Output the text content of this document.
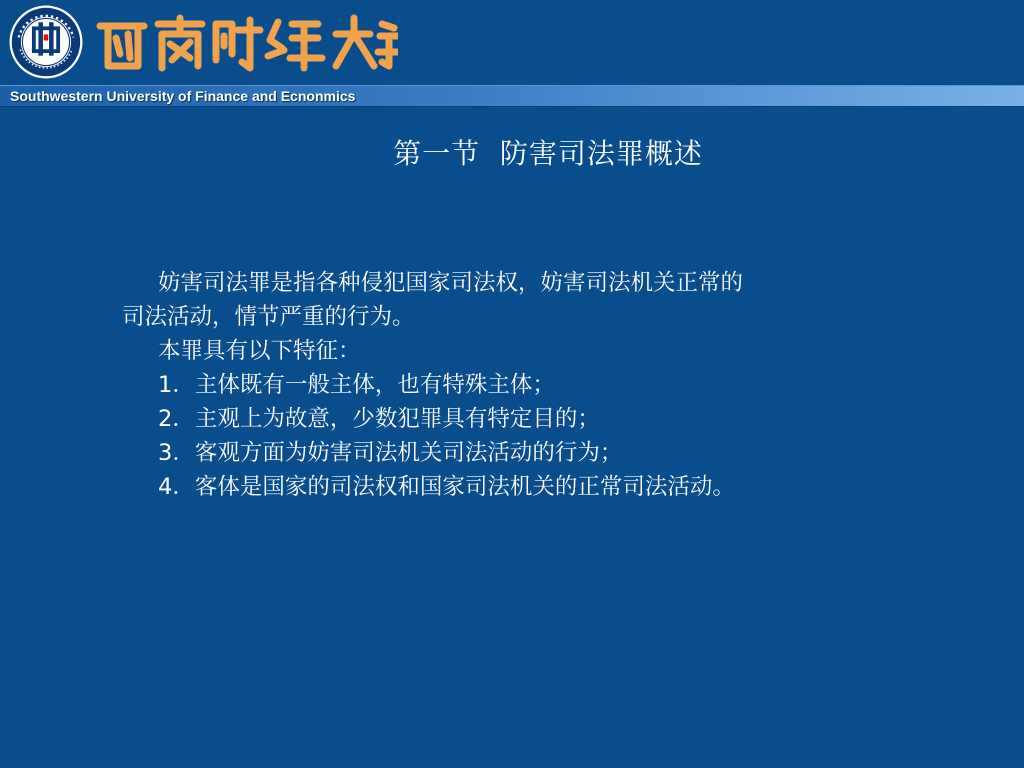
Southwestern University of Finance and Ecnonmics
第一节  防害司法罪概述

妨害司法罪是指各种侵犯国家司法权，妨害司法机关正常的

司法活动，情节严重的行为。

本罪具有以下特征：

1．主体既有一般主体，也有特殊主体；

2．主观上为故意，少数犯罪具有特定目的；

3．客观方面为妨害司法机关司法活动的行为；

4．客体是国家的司法权和国家司法机关的正常司法活动。
